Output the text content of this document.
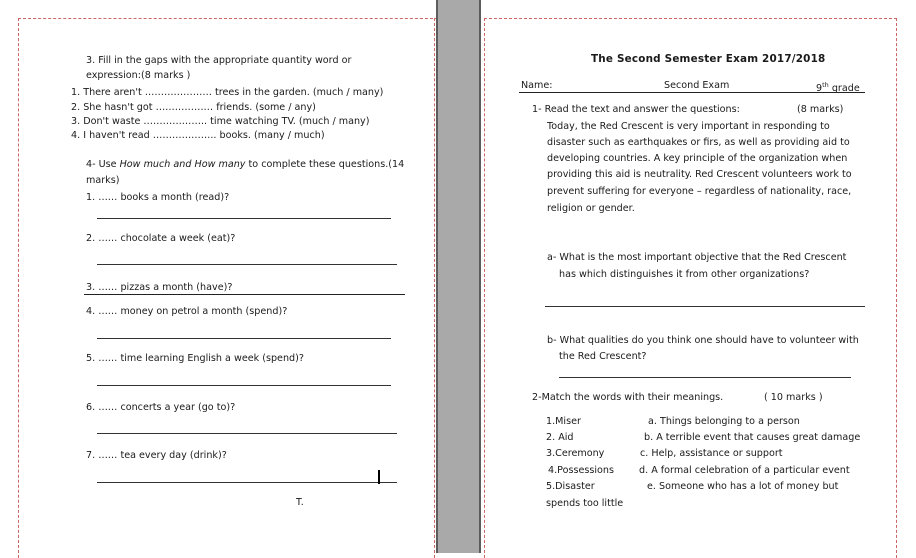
3. Fill in the gaps with the appropriate quantity word or
expression:(8 marks )
1. There aren't ………………… trees in the garden. (much / many)
2. She hasn't got ……………… friends. (some / any)
3. Don't waste ……………….. time watching TV. (much / many)
4. I haven't read ……………….. books. (many / much)
4- Use How much and How many to complete these questions.(14
marks)
1. …… books a month (read)?
2. …… chocolate a week (eat)?
3. …… pizzas a month (have)?
4. …… money on petrol a month (spend)?
5. …… time learning English a week (spend)?
6. …… concerts a year (go to)?
7. …… tea every day (drink)?
T.
The Second Semester Exam 2017/2018
Name:	Second Exam	9th grade
1- Read the text and answer the questions:	(8 marks)
Today, the Red Crescent is very important in responding to
disaster such as earthquakes or firs, as well as providing aid to
developing countries. A key principle of the organization when
providing this aid is neutrality. Red Crescent volunteers work to
prevent suffering for everyone – regardless of nationality, race,
religion or gender.
a- What is the most important objective that the Red Crescent
has which distinguishes it from other organizations?
b- What qualities do you think one should have to volunteer with
the Red Crescent?
2-Match the words with their meanings.	( 10 marks )
1.Miser	a. Things belonging to a person
2. Aid	b. A terrible event that causes great damage
3.Ceremony	c. Help, assistance or support
4.Possessions	d. A formal celebration of a particular event
5.Disaster	e. Someone who has a lot of money but
spends too little
